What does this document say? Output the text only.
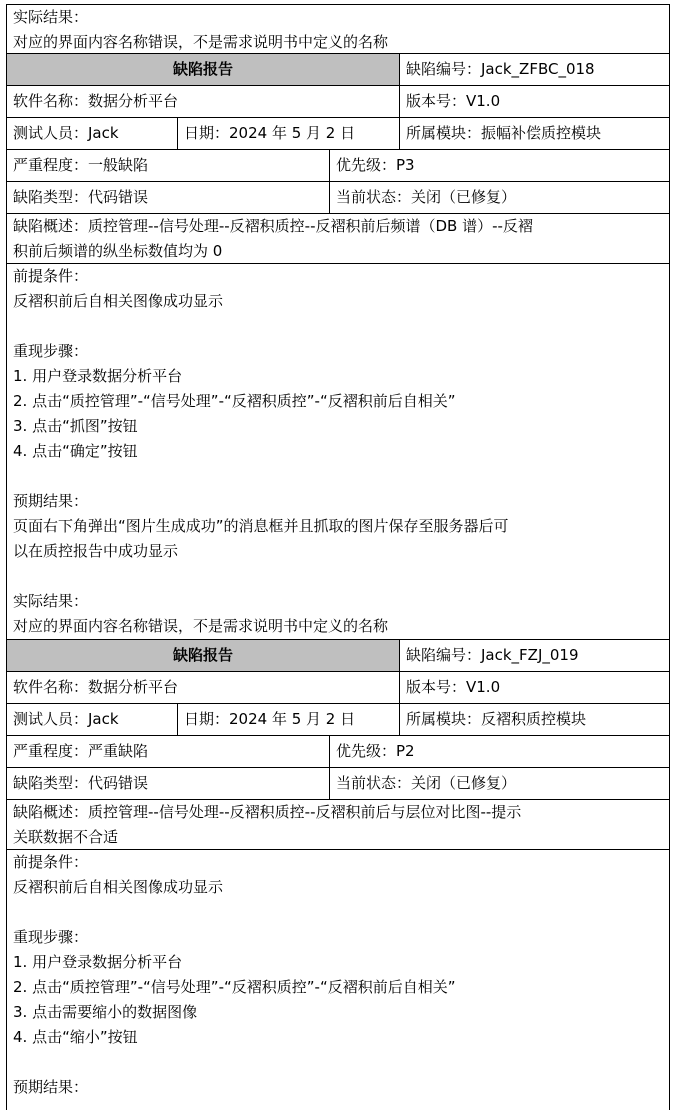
实际结果：
对应的界面内容名称错误，不是需求说明书中定义的名称
缺陷报告	缺陷编号：Jack_ZFBC_018
软件名称：数据分析平台	版本号：V1.0
测试人员：Jack	日期：2024 年 5 月 2 日	所属模块：振幅补偿质控模块
严重程度：一般缺陷	优先级：P3
缺陷类型：代码错误	当前状态：关闭（已修复）
缺陷概述：质控管理--信号处理--反褶积质控--反褶积前后频谱（DB 谱）--反褶
积前后频谱的纵坐标数值均为 0
前提条件：
反褶积前后自相关图像成功显示
重现步骤：
1. 用户登录数据分析平台
2. 点击“质控管理”-“信号处理”-“反褶积质控”-“反褶积前后自相关”
3. 点击“抓图”按钮
4. 点击“确定”按钮
预期结果：
页面右下角弹出“图片生成成功”的消息框并且抓取的图片保存至服务器后可
以在质控报告中成功显示
实际结果：
对应的界面内容名称错误，不是需求说明书中定义的名称
缺陷报告	缺陷编号：Jack_FZJ_019
软件名称：数据分析平台	版本号：V1.0
测试人员：Jack	日期：2024 年 5 月 2 日	所属模块：反褶积质控模块
严重程度：严重缺陷	优先级：P2
缺陷类型：代码错误	当前状态：关闭（已修复）
缺陷概述：质控管理--信号处理--反褶积质控--反褶积前后与层位对比图--提示
关联数据不合适
前提条件：
反褶积前后自相关图像成功显示
重现步骤：
1. 用户登录数据分析平台
2. 点击“质控管理”-“信号处理”-“反褶积质控”-“反褶积前后自相关”
3. 点击需要缩小的数据图像
4. 点击“缩小”按钮
预期结果：
